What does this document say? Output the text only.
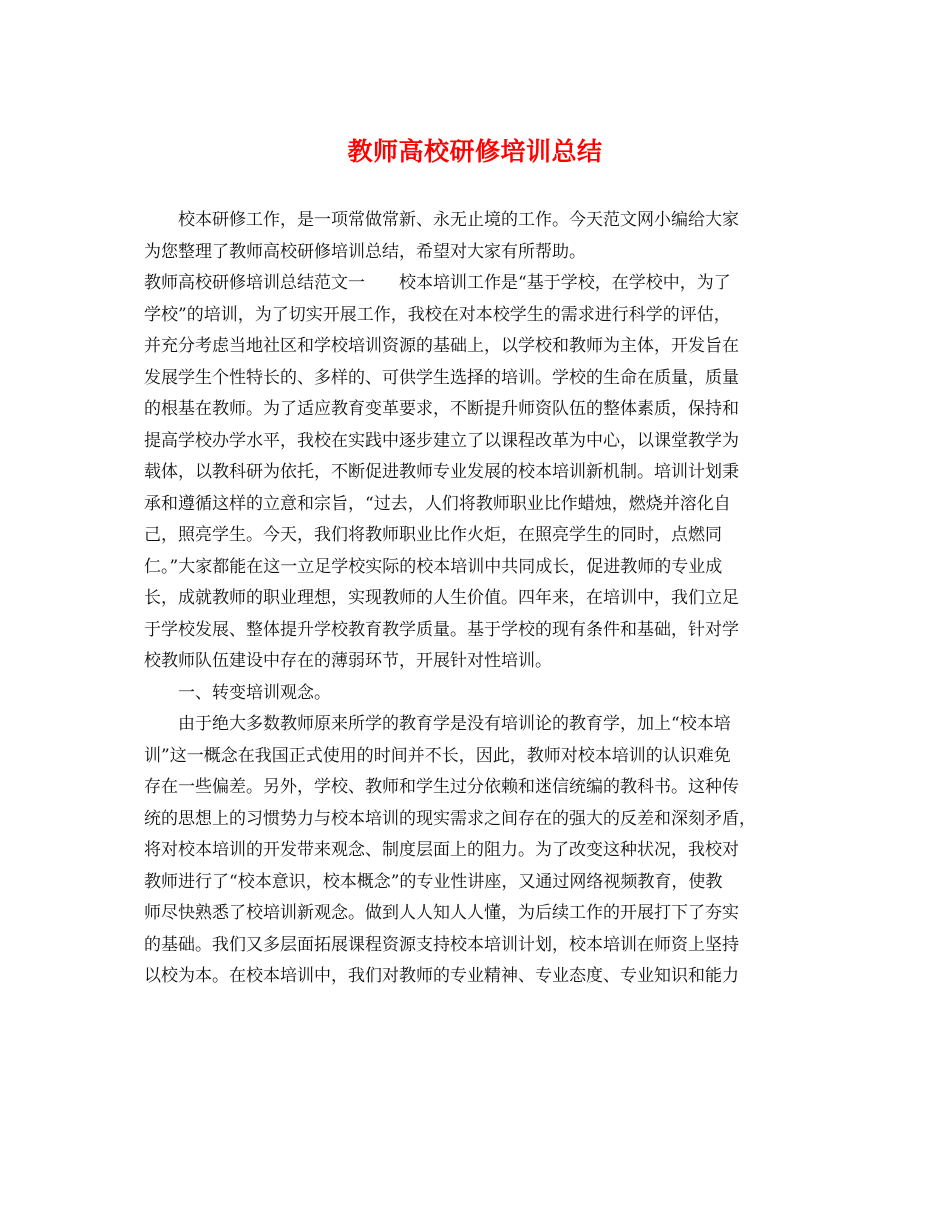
教师高校研修培训总结
校本研修工作，是一项常做常新、永无止境的工作。今天范文网小编给大家
为您整理了教师高校研修培训总结，希望对大家有所帮助。
教师高校研修培训总结范文一　　校本培训工作是“基于学校，在学校中，为了
学校”的培训，为了切实开展工作，我校在对本校学生的需求进行科学的评估，
并充分考虑当地社区和学校培训资源的基础上，以学校和教师为主体，开发旨在
发展学生个性特长的、多样的、可供学生选择的培训。学校的生命在质量，质量
的根基在教师。为了适应教育变革要求，不断提升师资队伍的整体素质，保持和
提高学校办学水平，我校在实践中逐步建立了以课程改革为中心，以课堂教学为
载体，以教科研为依托，不断促进教师专业发展的校本培训新机制。培训计划秉
承和遵循这样的立意和宗旨，“过去，人们将教师职业比作蜡烛，燃烧并溶化自
己，照亮学生。今天，我们将教师职业比作火炬，在照亮学生的同时，点燃同
仁。”大家都能在这一立足学校实际的校本培训中共同成长，促进教师的专业成
长，成就教师的职业理想，实现教师的人生价值。四年来，在培训中，我们立足
于学校发展、整体提升学校教育教学质量。基于学校的现有条件和基础，针对学
校教师队伍建设中存在的薄弱环节，开展针对性培训。
一、转变培训观念。
由于绝大多数教师原来所学的教育学是没有培训论的教育学，加上“校本培
训”这一概念在我国正式使用的时间并不长，因此，教师对校本培训的认识难免
存在一些偏差。另外，学校、教师和学生过分依赖和迷信统编的教科书。这种传
统的思想上的习惯势力与校本培训的现实需求之间存在的强大的反差和深刻矛盾，
将对校本培训的开发带来观念、制度层面上的阻力。为了改变这种状况，我校对
教师进行了“校本意识，校本概念”的专业性讲座，又通过网络视频教育，使教
师尽快熟悉了校培训新观念。做到人人知人人懂，为后续工作的开展打下了夯实
的基础。我们又多层面拓展课程资源支持校本培训计划，校本培训在师资上坚持
以校为本。在校本培训中，我们对教师的专业精神、专业态度、专业知识和能力
